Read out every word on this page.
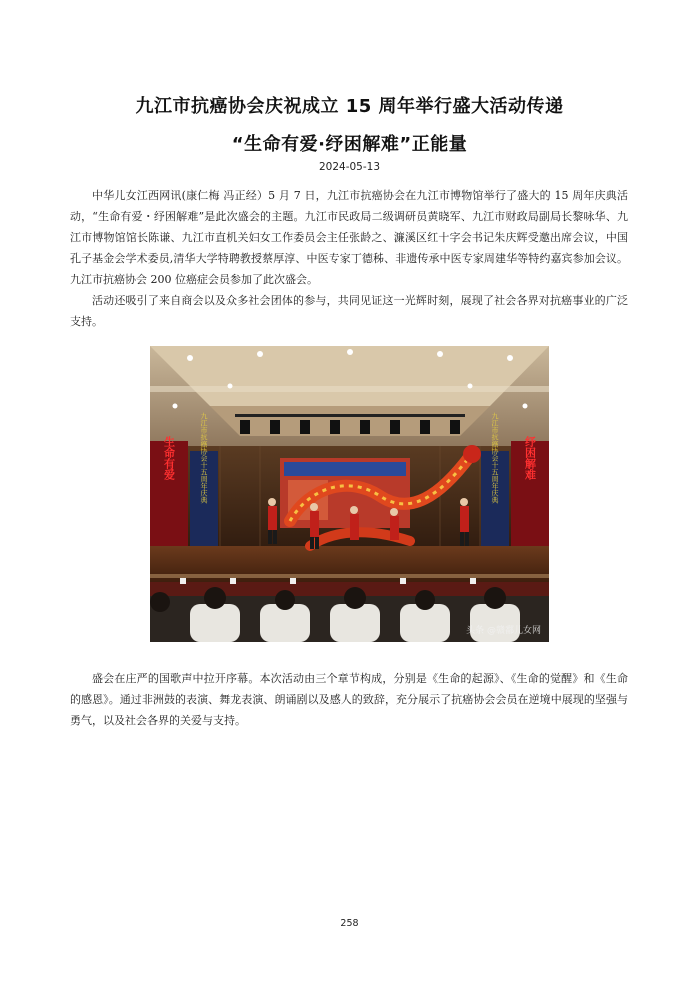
九江市抗癌协会庆祝成立 15 周年举行盛大活动传递
“生命有爱·纾困解难”正能量
2024-05-13

中华儿女江西网讯(康仁梅 冯正经）5 月 7 日，九江市抗癌协会在九江市博物馆举行了盛大的 15 周年庆典活动，“生命有爱・纾困解难”是此次盛会的主题。九江市民政局二级调研员黄晓军、九江市财政局副局长黎咏华、九江市博物馆馆长陈谦、九江市直机关妇女工作委员会主任张龄之、濂溪区红十字会书记朱庆辉受邀出席会议，中国孔子基金会学术委员,清华大学特聘教授蔡厚淳、中医专家丁德秭、非遗传承中医专家周建华等特约嘉宾参加会议。九江市抗癌协会 200 位癌症会员参加了此次盛会。

活动还吸引了来自商会以及众多社会团体的参与，共同见证这一光辉时刻，展现了社会各界对抗癌事业的广泛支持。

生命有爱	九江市抗癌协会十五周年庆典	九江市抗癌协会十五周年庆典 纾困解难
头条 @赣鄱儿女网

盛会在庄严的国歌声中拉开序幕。本次活动由三个章节构成，分别是《生命的起源》、《生命的觉醒》和《生命的感恩》。通过非洲鼓的表演、舞龙表演、朗诵剧以及感人的致辞，充分展示了抗癌协会会员在逆境中展现的坚强与勇气，以及社会各界的关爱与支持。

258
